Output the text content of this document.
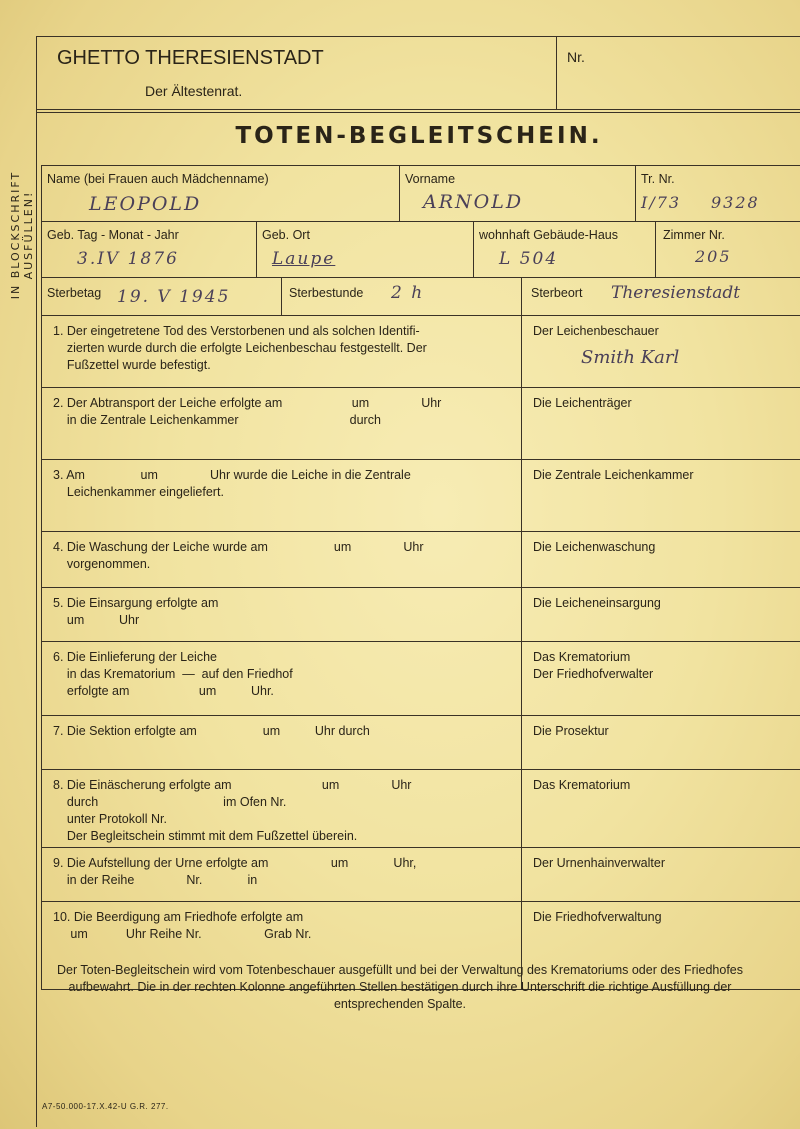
IN BLOCKSCHRIFT AUSFÜLLEN!
GHETTO THERESIENSTADT
Der Ältestenrat.
Nr.
TOTEN-BEGLEITSCHEIN.
Name (bei Frauen auch Mädchenname)
LEOPOLD
Vorname
ARNOLD
Tr. Nr.
I/73 9328
Geb. Tag - Monat - Jahr
3.IV 1876
Geb. Ort
Laupe
wohnhaft Gebäude-Haus
L 504
Zimmer Nr.
205
Sterbetag 19. V 1945	Sterbestunde 2 h	Sterbeort Theresienstadt
1. Der eingetretene Tod des Verstorbenen und als solchen Identifi-
zierten wurde durch die erfolgte Leichenbeschau festgestellt. Der
Fußzettel wurde befestigt.
Der Leichenbeschauer
Smith Karl
2. Der Abtransport der Leiche erfolgte am                    um               Uhr
in die Zentrale Leichenkammer                                durch
Die Leichenträger
3. Am                um               Uhr wurde die Leiche in die Zentrale
Leichenkammer eingeliefert.
Die Zentrale Leichenkammer
4. Die Waschung der Leiche wurde am                   um               Uhr
vorgenommen.
Die Leichenwaschung
5. Die Einsargung erfolgte am
um          Uhr
Die Leicheneinsargung
6. Die Einlieferung der Leiche
in das Krematorium  —  auf den Friedhof
erfolgte am                    um          Uhr.
Das Krematorium
Der Friedhofverwalter
7. Die Sektion erfolgte am                   um          Uhr durch	Die Prosektur
8. Die Einäscherung erfolgte am                          um               Uhr
durch                                    im Ofen Nr.
unter Protokoll Nr.
Der Begleitschein stimmt mit dem Fußzettel überein.
Das Krematorium
9. Die Aufstellung der Urne erfolgte am                  um             Uhr,
in der Reihe               Nr.             in
Der Urnenhainverwalter
10. Die Beerdigung am Friedhofe erfolgte am
um           Uhr Reihe Nr.                  Grab Nr.
Die Friedhofverwaltung
Der Toten-Begleitschein wird vom Totenbeschauer ausgefüllt und bei der Verwaltung des Krematoriums oder des Friedhofes aufbewahrt. Die in der rechten Kolonne angeführten Stellen bestätigen durch ihre Unterschrift die richtige Ausfüllung der entsprechenden Spalte.
A7-50.000-17.X.42-U G.R. 277.
